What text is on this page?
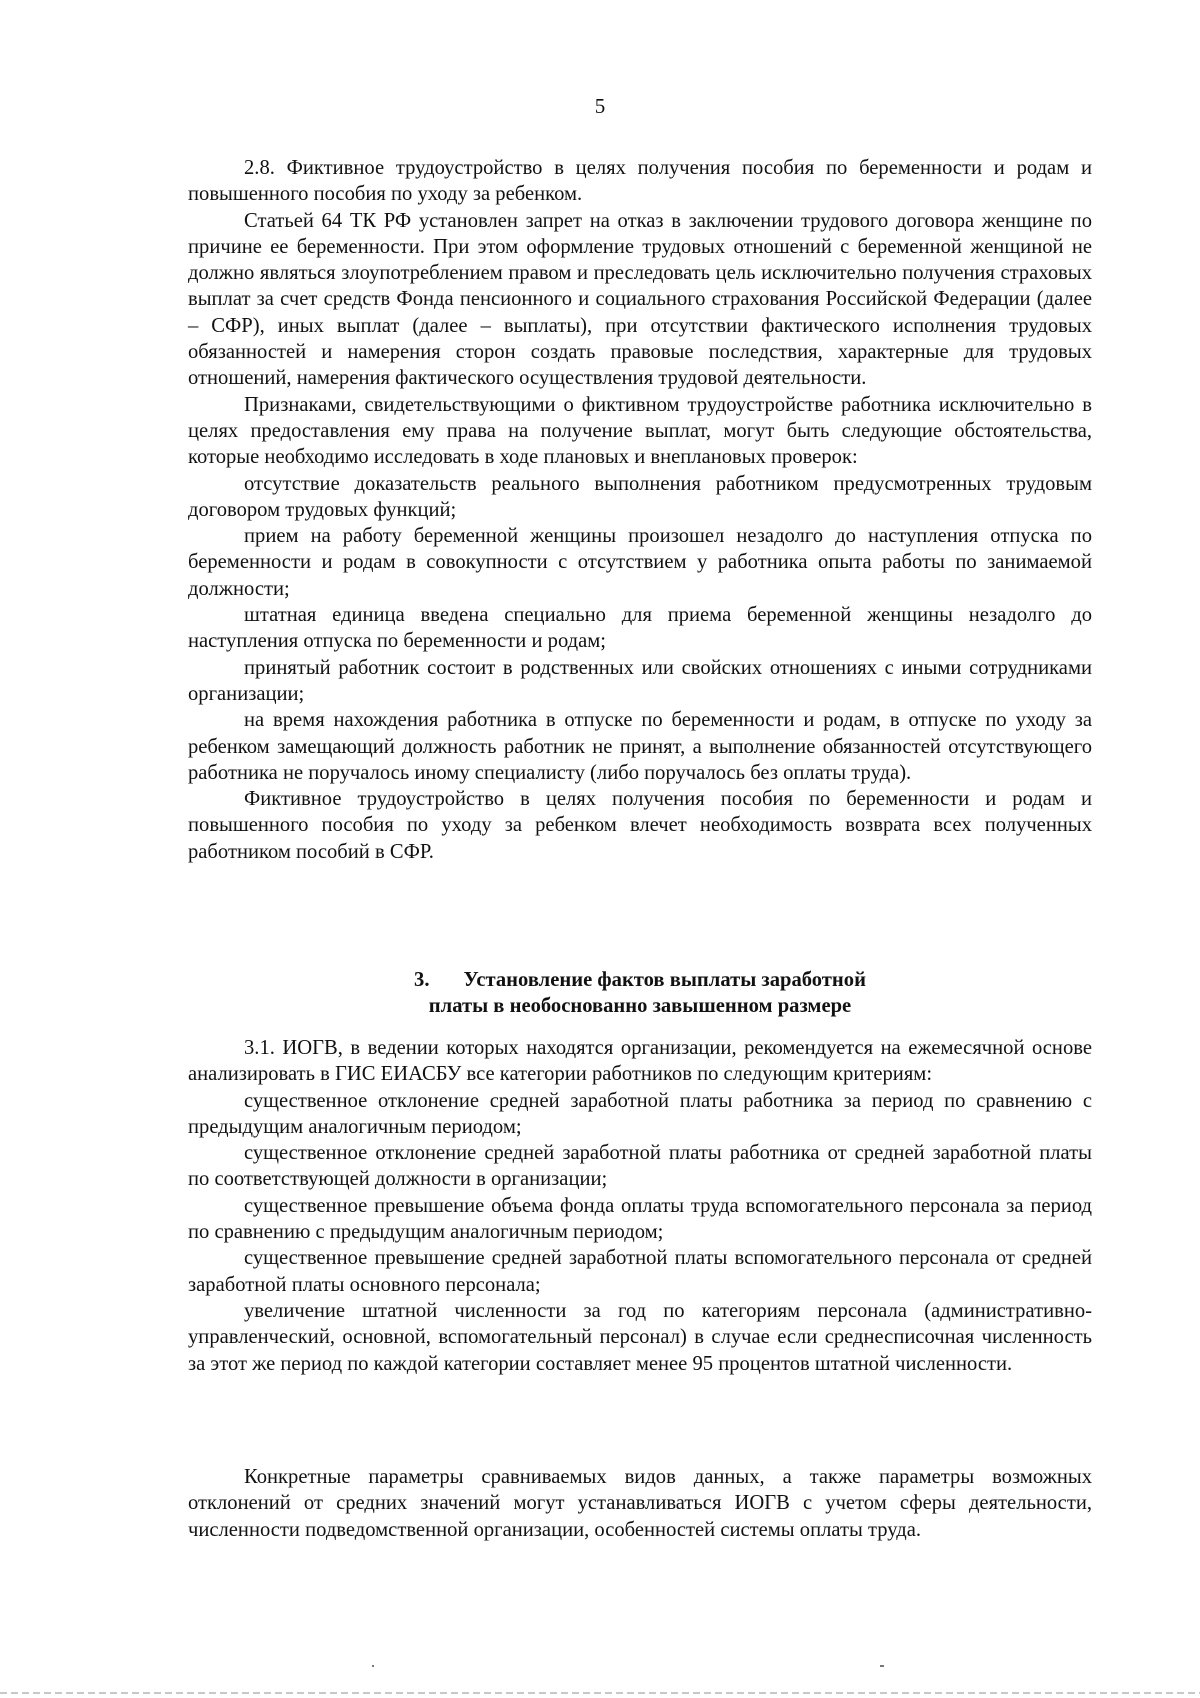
5

2.8. Фиктивное трудоустройство в целях получения пособия по беременности и родам и повышенного пособия по уходу за ребенком.

Статьей 64 ТК РФ установлен запрет на отказ в заключении трудового договора женщине по причине ее беременности. При этом оформление трудовых отношений с беременной женщиной не должно являться злоупотреблением правом и преследовать цель исключительно получения страховых выплат за счет средств Фонда пенсионного и социального страхования Российской Федерации (далее – СФР), иных выплат (далее – выплаты), при отсутствии фактического исполнения трудовых обязанностей и намерения сторон создать правовые последствия, характерные для трудовых отношений, намерения фактического осуществления трудовой деятельности.

Признаками, свидетельствующими о фиктивном трудоустройстве работника исключительно в целях предоставления ему права на получение выплат, могут быть следующие обстоятельства, которые необходимо исследовать в ходе плановых и внеплановых проверок:

отсутствие доказательств реального выполнения работником предусмотренных трудовым договором трудовых функций;

прием на работу беременной женщины произошел незадолго до наступления отпуска по беременности и родам в совокупности с отсутствием у работника опыта работы по занимаемой должности;

штатная единица введена специально для приема беременной женщины незадолго до наступления отпуска по беременности и родам;

принятый работник состоит в родственных или свойских отношениях с иными сотрудниками организации;

на время нахождения работника в отпуске по беременности и родам, в отпуске по уходу за ребенком замещающий должность работник не принят, а выполнение обязанностей отсутствующего работника не поручалось иному специалисту (либо поручалось без оплаты труда).

Фиктивное трудоустройство в целях получения пособия по беременности и родам и повышенного пособия по уходу за ребенком влечет необходимость возврата всех полученных работником пособий в СФР.

3. Установление фактов выплаты заработной
платы в необоснованно завышенном размере

3.1. ИОГВ, в ведении которых находятся организации, рекомендуется на ежемесячной основе анализировать в ГИС ЕИАСБУ все категории работников по следующим критериям:

существенное отклонение средней заработной платы работника за период по сравнению с предыдущим аналогичным периодом;

существенное отклонение средней заработной платы работника от средней заработной платы по соответствующей должности в организации;

существенное превышение объема фонда оплаты труда вспомогательного персонала за период по сравнению с предыдущим аналогичным периодом;

существенное превышение средней заработной платы вспомогательного персонала от средней заработной платы основного персонала;

увеличение штатной численности за год по категориям персонала (административно-управленческий, основной, вспомогательный персонал) в случае если среднесписочная численность за этот же период по каждой категории составляет менее 95 процентов штатной численности.

Конкретные параметры сравниваемых видов данных, а также параметры возможных отклонений от средних значений могут устанавливаться ИОГВ с учетом сферы деятельности, численности подведомственной организации, особенностей системы оплаты труда.
